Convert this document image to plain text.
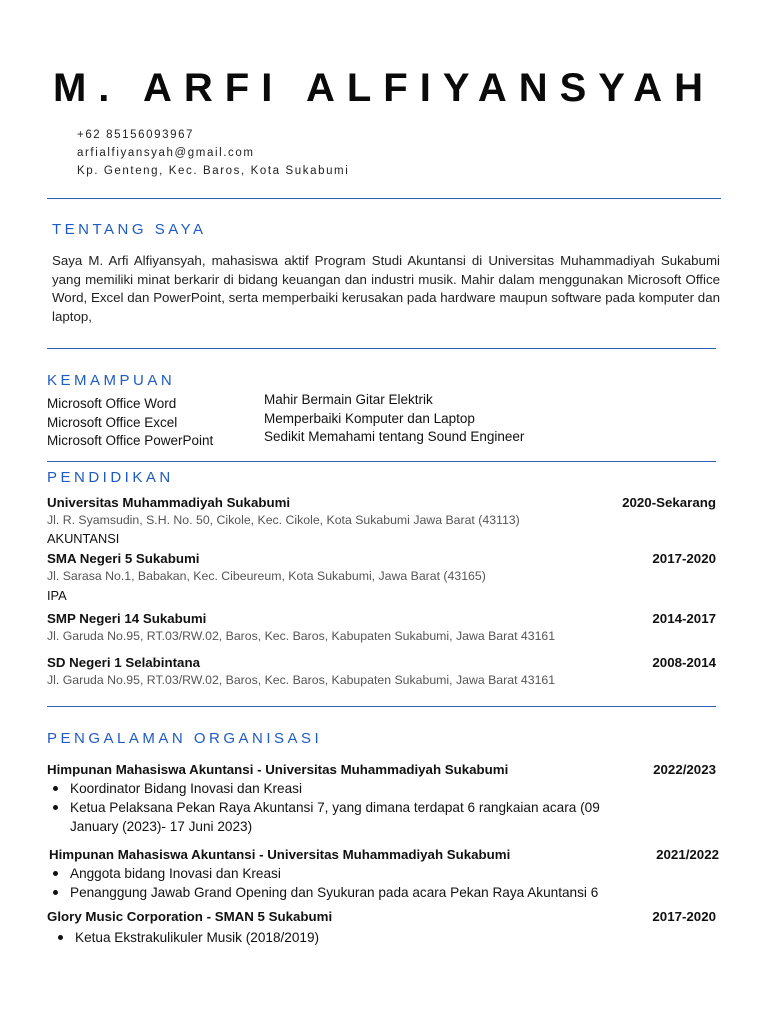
M. ARFI ALFIYANSYAH
+62 85156093967
arfialfiyansyah@gmail.com
Kp. Genteng, Kec. Baros, Kota Sukabumi
TENTANG SAYA
Saya M. Arfi Alfiyansyah, mahasiswa aktif Program Studi Akuntansi di Universitas Muhammadiyah Sukabumi yang memiliki minat berkarir di bidang keuangan dan industri musik. Mahir dalam menggunakan Microsoft Office Word, Excel dan PowerPoint, serta memperbaiki kerusakan pada hardware maupun software pada komputer dan laptop,
KEMAMPUAN
Microsoft Office Word
Microsoft Office Excel
Microsoft Office PowerPoint
Mahir Bermain Gitar Elektrik
Memperbaiki Komputer dan Laptop
Sedikit Memahami tentang Sound Engineer
PENDIDIKAN
Universitas Muhammadiyah Sukabumi	2020-Sekarang
Jl. R. Syamsudin, S.H. No. 50, Cikole, Kec. Cikole, Kota Sukabumi Jawa Barat (43113)
AKUNTANSI
SMA Negeri 5 Sukabumi	2017-2020
Jl. Sarasa No.1, Babakan, Kec. Cibeureum, Kota Sukabumi, Jawa Barat (43165)
IPA
SMP Negeri 14 Sukabumi	2014-2017
Jl. Garuda No.95, RT.03/RW.02, Baros, Kec. Baros, Kabupaten Sukabumi, Jawa Barat 43161
SD Negeri 1 Selabintana	2008-2014
Jl. Garuda No.95, RT.03/RW.02, Baros, Kec. Baros, Kabupaten Sukabumi, Jawa Barat 43161
PENGALAMAN ORGANISASI
Himpunan Mahasiswa Akuntansi - Universitas Muhammadiyah Sukabumi	2022/2023
Koordinator Bidang Inovasi dan Kreasi
Ketua Pelaksana Pekan Raya Akuntansi 7, yang dimana terdapat 6 rangkaian acara (09 January (2023)- 17 Juni 2023)
Himpunan Mahasiswa Akuntansi - Universitas Muhammadiyah Sukabumi	2021/2022
Anggota bidang Inovasi dan Kreasi
Penanggung Jawab Grand Opening dan Syukuran pada acara Pekan Raya Akuntansi 6
Glory Music Corporation - SMAN 5 Sukabumi	2017-2020
Ketua Ekstrakulikuler Musik (2018/2019)
